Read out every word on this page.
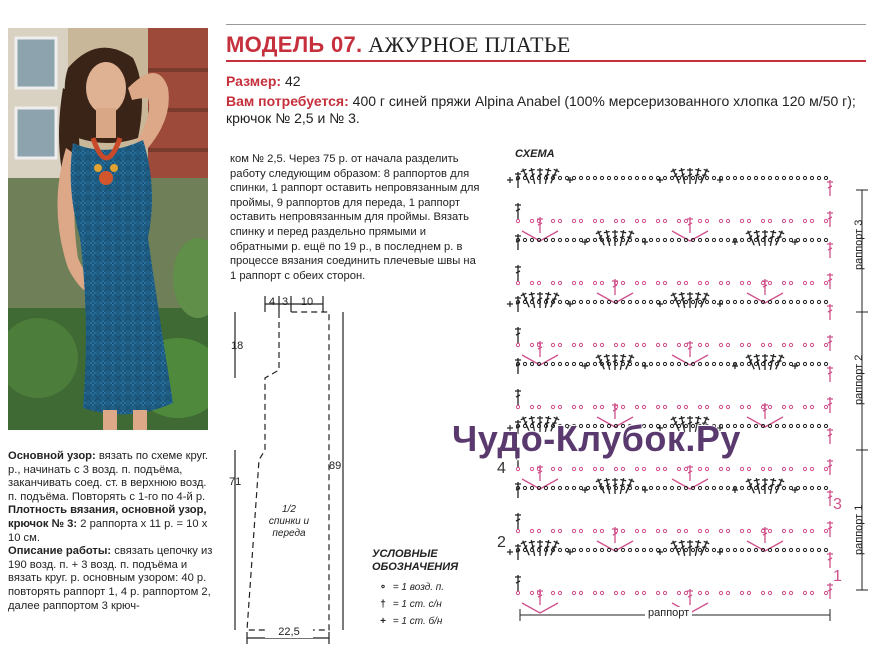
МОДЕЛЬ 07. АЖУРНОЕ ПЛАТЬЕ
Размер: 42
Вам потребуется: 400 г синей пряжи Alpina Anabel (100% мерсеризованного хлопка 120 м/50 г); крючок № 2,5 и № 3.
ком № 2,5. Через 75 р. от начала разделить работу следующим образом: 8 раппортов для спинки, 1 раппорт оставить непровязанным для проймы, 9 раппортов для переда, 1 раппорт оставить непровязанным для проймы. Вязать спинку и перед раздельно прямыми и обратными р. ещё по 19 р., в последнем р. в процессе вязания соединить плечевые швы на 1 раппорт с обеих сторон.
Основной узор: вязать по схеме круг. р., начинать с 3 возд. п. подъёма, заканчивать соед. ст. в верхнюю возд. п. подъёма. Повторять с 1-го по 4-й р.
Плотность вязания, основной узор, крючок № 3: 2 раппорта х 11 р. = 10 х 10 см.
Описание работы: связать цепочку из 190 возд. п. + 3 возд. п. подъёма и вязать круг. р. основным узором: 40 р. повторять раппорт 1, 4 р. раппортом 2, далее раппортом 3 крюч-
4 3	10
18
71
89
1/2 спинки и переда
22,5
УСЛОВНЫЕ ОБОЗНАЧЕНИЯ
∘ = 1 возд. п.
† = 1 ст. с/н
+ = 1 ст. б/н
СХЕМА
4
2
3
1
раппорт 3
раппорт 2
раппорт 1
раппорт
Чудо-Клубок.Ру
